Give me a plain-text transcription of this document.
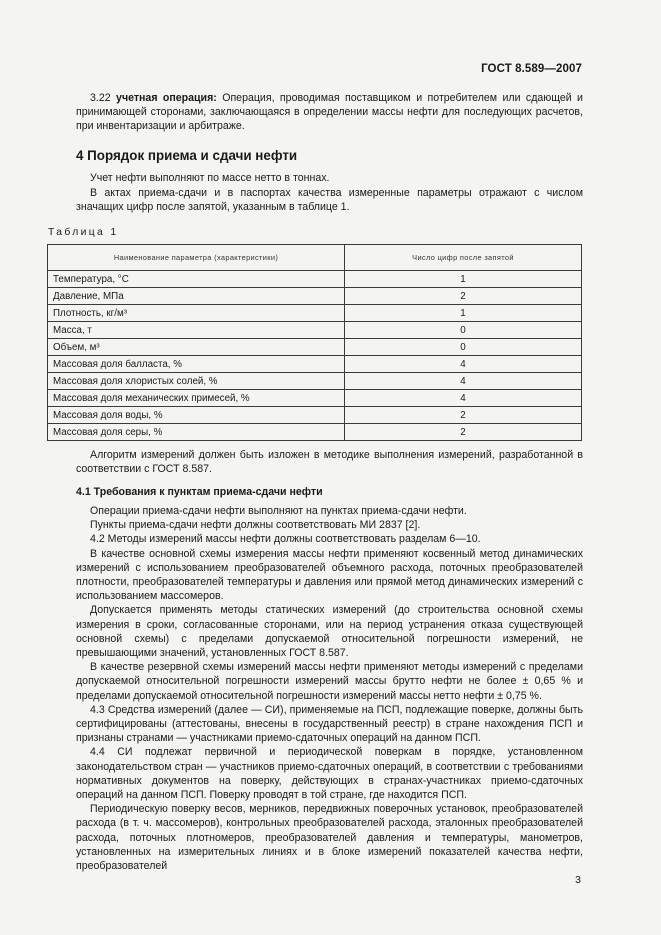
ГОСТ 8.589—2007

3.22 учетная операция: Операция, проводимая поставщиком и потребителем или сдающей и принимающей сторонами, заключающаяся в определении массы нефти для последующих расчетов, при инвентаризации и арбитраже.

4 Порядок приема и сдачи нефти

Учет нефти выполняют по массе нетто в тоннах.

В актах приема-сдачи и в паспортах качества измеренные параметры отражают с числом значащих цифр после запятой, указанным в таблице 1.

Таблица 1
Наименование параметра (характеристики)	Число цифр после запятой
Температура, °С	1
Давление, МПа	2
Плотность, кг/м³	1
Масса, т	0
Объем, м³	0
Массовая доля балласта, %	4
Массовая доля хлористых солей, %	4
Массовая доля механических примесей, %	4
Массовая доля воды, %	2
Массовая доля серы, %	2

Алгоритм измерений должен быть изложен в методике выполнения измерений, разработанной в соответствии с ГОСТ 8.587.

4.1 Требования к пунктам приема-сдачи нефти

Операции приема-сдачи нефти выполняют на пунктах приема-сдачи нефти.

Пункты приема-сдачи нефти должны соответствовать МИ 2837 [2].

4.2 Методы измерений массы нефти должны соответствовать разделам 6—10.

В качестве основной схемы измерения массы нефти применяют косвенный метод динамических измерений с использованием преобразователей объемного расхода, поточных преобразователей плотности, преобразователей температуры и давления или прямой метод динамических измерений с использованием массомеров.

Допускается применять методы статических измерений (до строительства основной схемы измерения в сроки, согласованные сторонами, или на период устранения отказа существующей основной схемы) с пределами допускаемой относительной погрешности измерений, не превышающими значений, установленных ГОСТ 8.587.

В качестве резервной схемы измерений массы нефти применяют методы измерений с пределами допускаемой относительной погрешности измерений массы брутто нефти не более ± 0,65 % и пределами допускаемой относительной погрешности измерений массы нетто нефти ± 0,75 %.

4.3 Средства измерений (далее — СИ), применяемые на ПСП, подлежащие поверке, должны быть сертифицированы (аттестованы, внесены в государственный реестр) в стране нахождения ПСП и признаны странами — участниками приемо-сдаточных операций на данном ПСП.

4.4 СИ подлежат первичной и периодической поверкам в порядке, установленном законодательством стран — участников приемо-сдаточных операций, в соответствии с требованиями нормативных документов на поверку, действующих в странах-участниках приемо-сдаточных операций на данном ПСП. Поверку проводят в той стране, где находится ПСП.

Периодическую поверку весов, мерников, передвижных поверочных установок, преобразователей расхода (в т. ч. массомеров), контрольных преобразователей расхода, эталонных преобразователей расхода, поточных плотномеров, преобразователей давления и температуры, манометров, установленных на измерительных линиях и в блоке измерений показателей качества нефти, преобразователей

3
